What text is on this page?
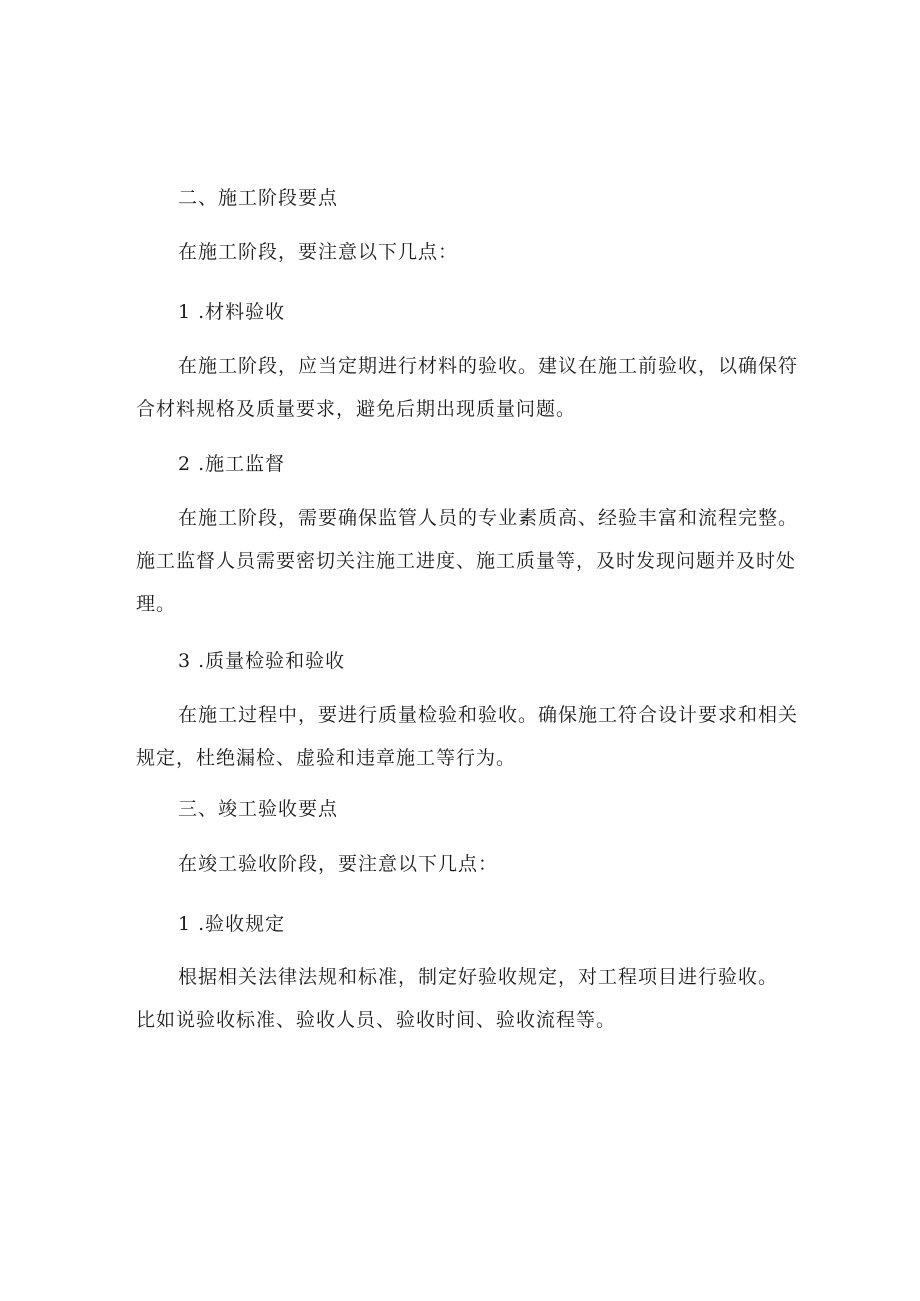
二、施工阶段要点
在施工阶段，要注意以下几点：
1 .材料验收
在施工阶段，应当定期进行材料的验收。建议在施工前验收，以确保符
合材料规格及质量要求，避免后期出现质量问题。
2 .施工监督
在施工阶段，需要确保监管人员的专业素质高、经验丰富和流程完整。
施工监督人员需要密切关注施工进度、施工质量等，及时发现问题并及时处
理。
3 .质量检验和验收
在施工过程中，要进行质量检验和验收。确保施工符合设计要求和相关
规定，杜绝漏检、虚验和违章施工等行为。
三、竣工验收要点
在竣工验收阶段，要注意以下几点：
1 .验收规定
根据相关法律法规和标准，制定好验收规定，对工程项目进行验收。
比如说验收标准、验收人员、验收时间、验收流程等。
